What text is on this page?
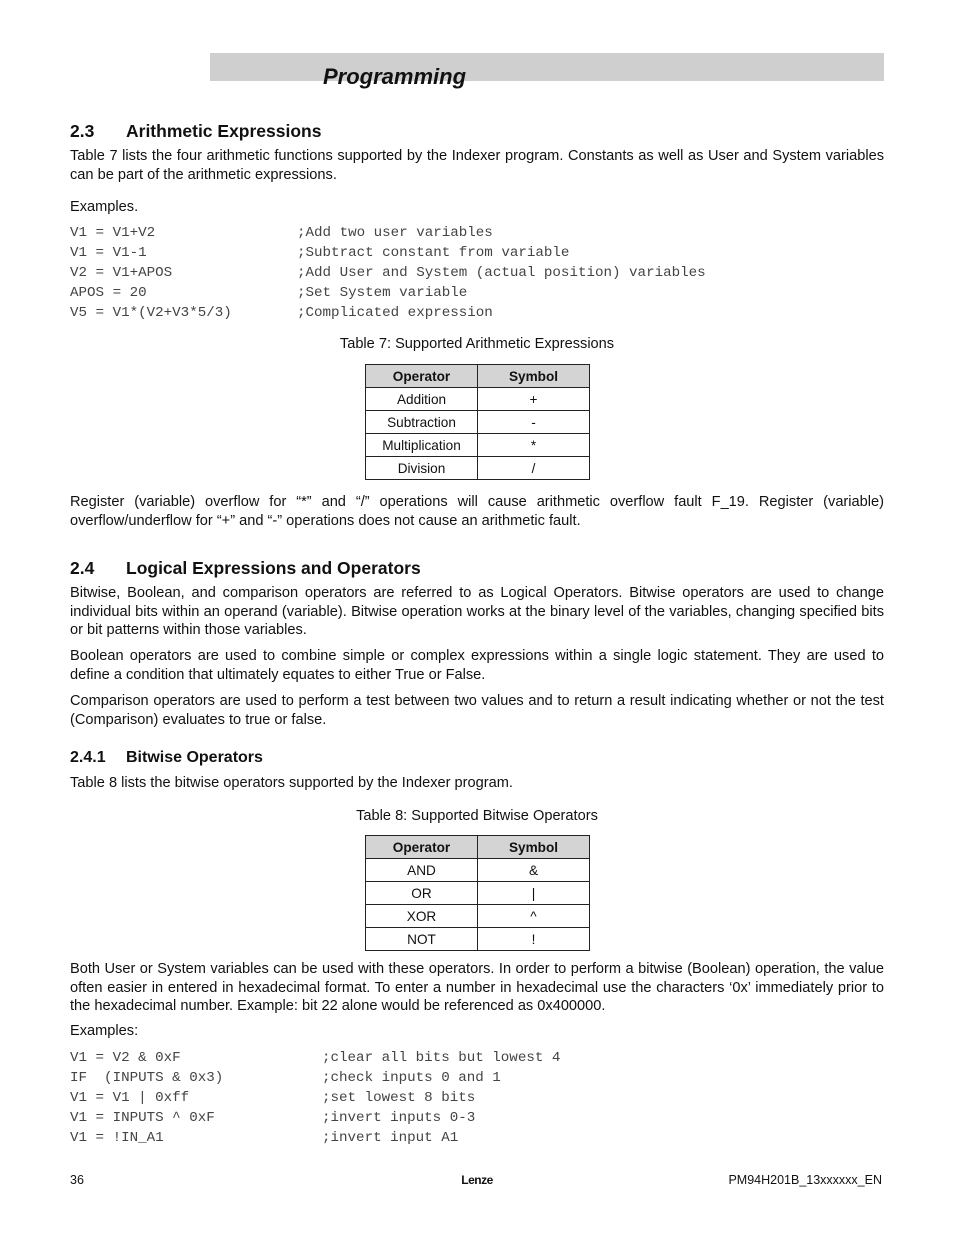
Programming
2.3 Arithmetic Expressions

Table 7 lists the four arithmetic functions supported by the Indexer program. Constants as well as User and System variables can be part of the arithmetic expressions.

Examples.
V1 = V1+V2	;Add two user variables
V1 = V1-1	;Subtract constant from variable
V2 = V1+APOS	;Add User and System (actual position) variables
APOS = 20	;Set System variable
V5 = V1*(V2+V3*5/3)	;Complicated expression
Table 7: Supported Arithmetic Expressions
Operator	Symbol
Addition	+
Subtraction	-
Multiplication	*
Division	/

Register (variable) overflow for “*” and “/” operations will cause arithmetic overflow fault F_19. Register (variable) overflow/underflow for “+” and “-” operations does not cause an arithmetic fault.

2.4 Logical Expressions and Operators

Bitwise, Boolean, and comparison operators are referred to as Logical Operators. Bitwise operators are used to change individual bits within an operand (variable). Bitwise operation works at the binary level of the variables, changing specified bits or bit patterns within those variables.

Boolean operators are used to combine simple or complex expressions within a single logic statement. They are used to define a condition that ultimately equates to either True or False.

Comparison operators are used to perform a test between two values and to return a result indicating whether or not the test (Comparison) evaluates to true or false.

2.4.1 Bitwise Operators
Table 8 lists the bitwise operators supported by the Indexer program.
Table 8: Supported Bitwise Operators
Operator	Symbol
AND	&
OR	|
XOR	^
NOT	!

Both User or System variables can be used with these operators. In order to perform a bitwise (Boolean) operation, the value often easier in entered in hexadecimal format. To enter a number in hexadecimal use the characters ‘0x’ immediately prior to the hexadecimal number. Example: bit 22 alone would be referenced as 0x400000.

Examples:
V1 = V2 & 0xF	;clear all bits but lowest 4
IF  (INPUTS & 0x3)	;check inputs 0 and 1
V1 = V1 | 0xff	;set lowest 8 bits
V1 = INPUTS ^ 0xF	;invert inputs 0-3
V1 = !IN_A1	;invert input A1
36	Lenze	PM94H201B_13xxxxxx_EN
